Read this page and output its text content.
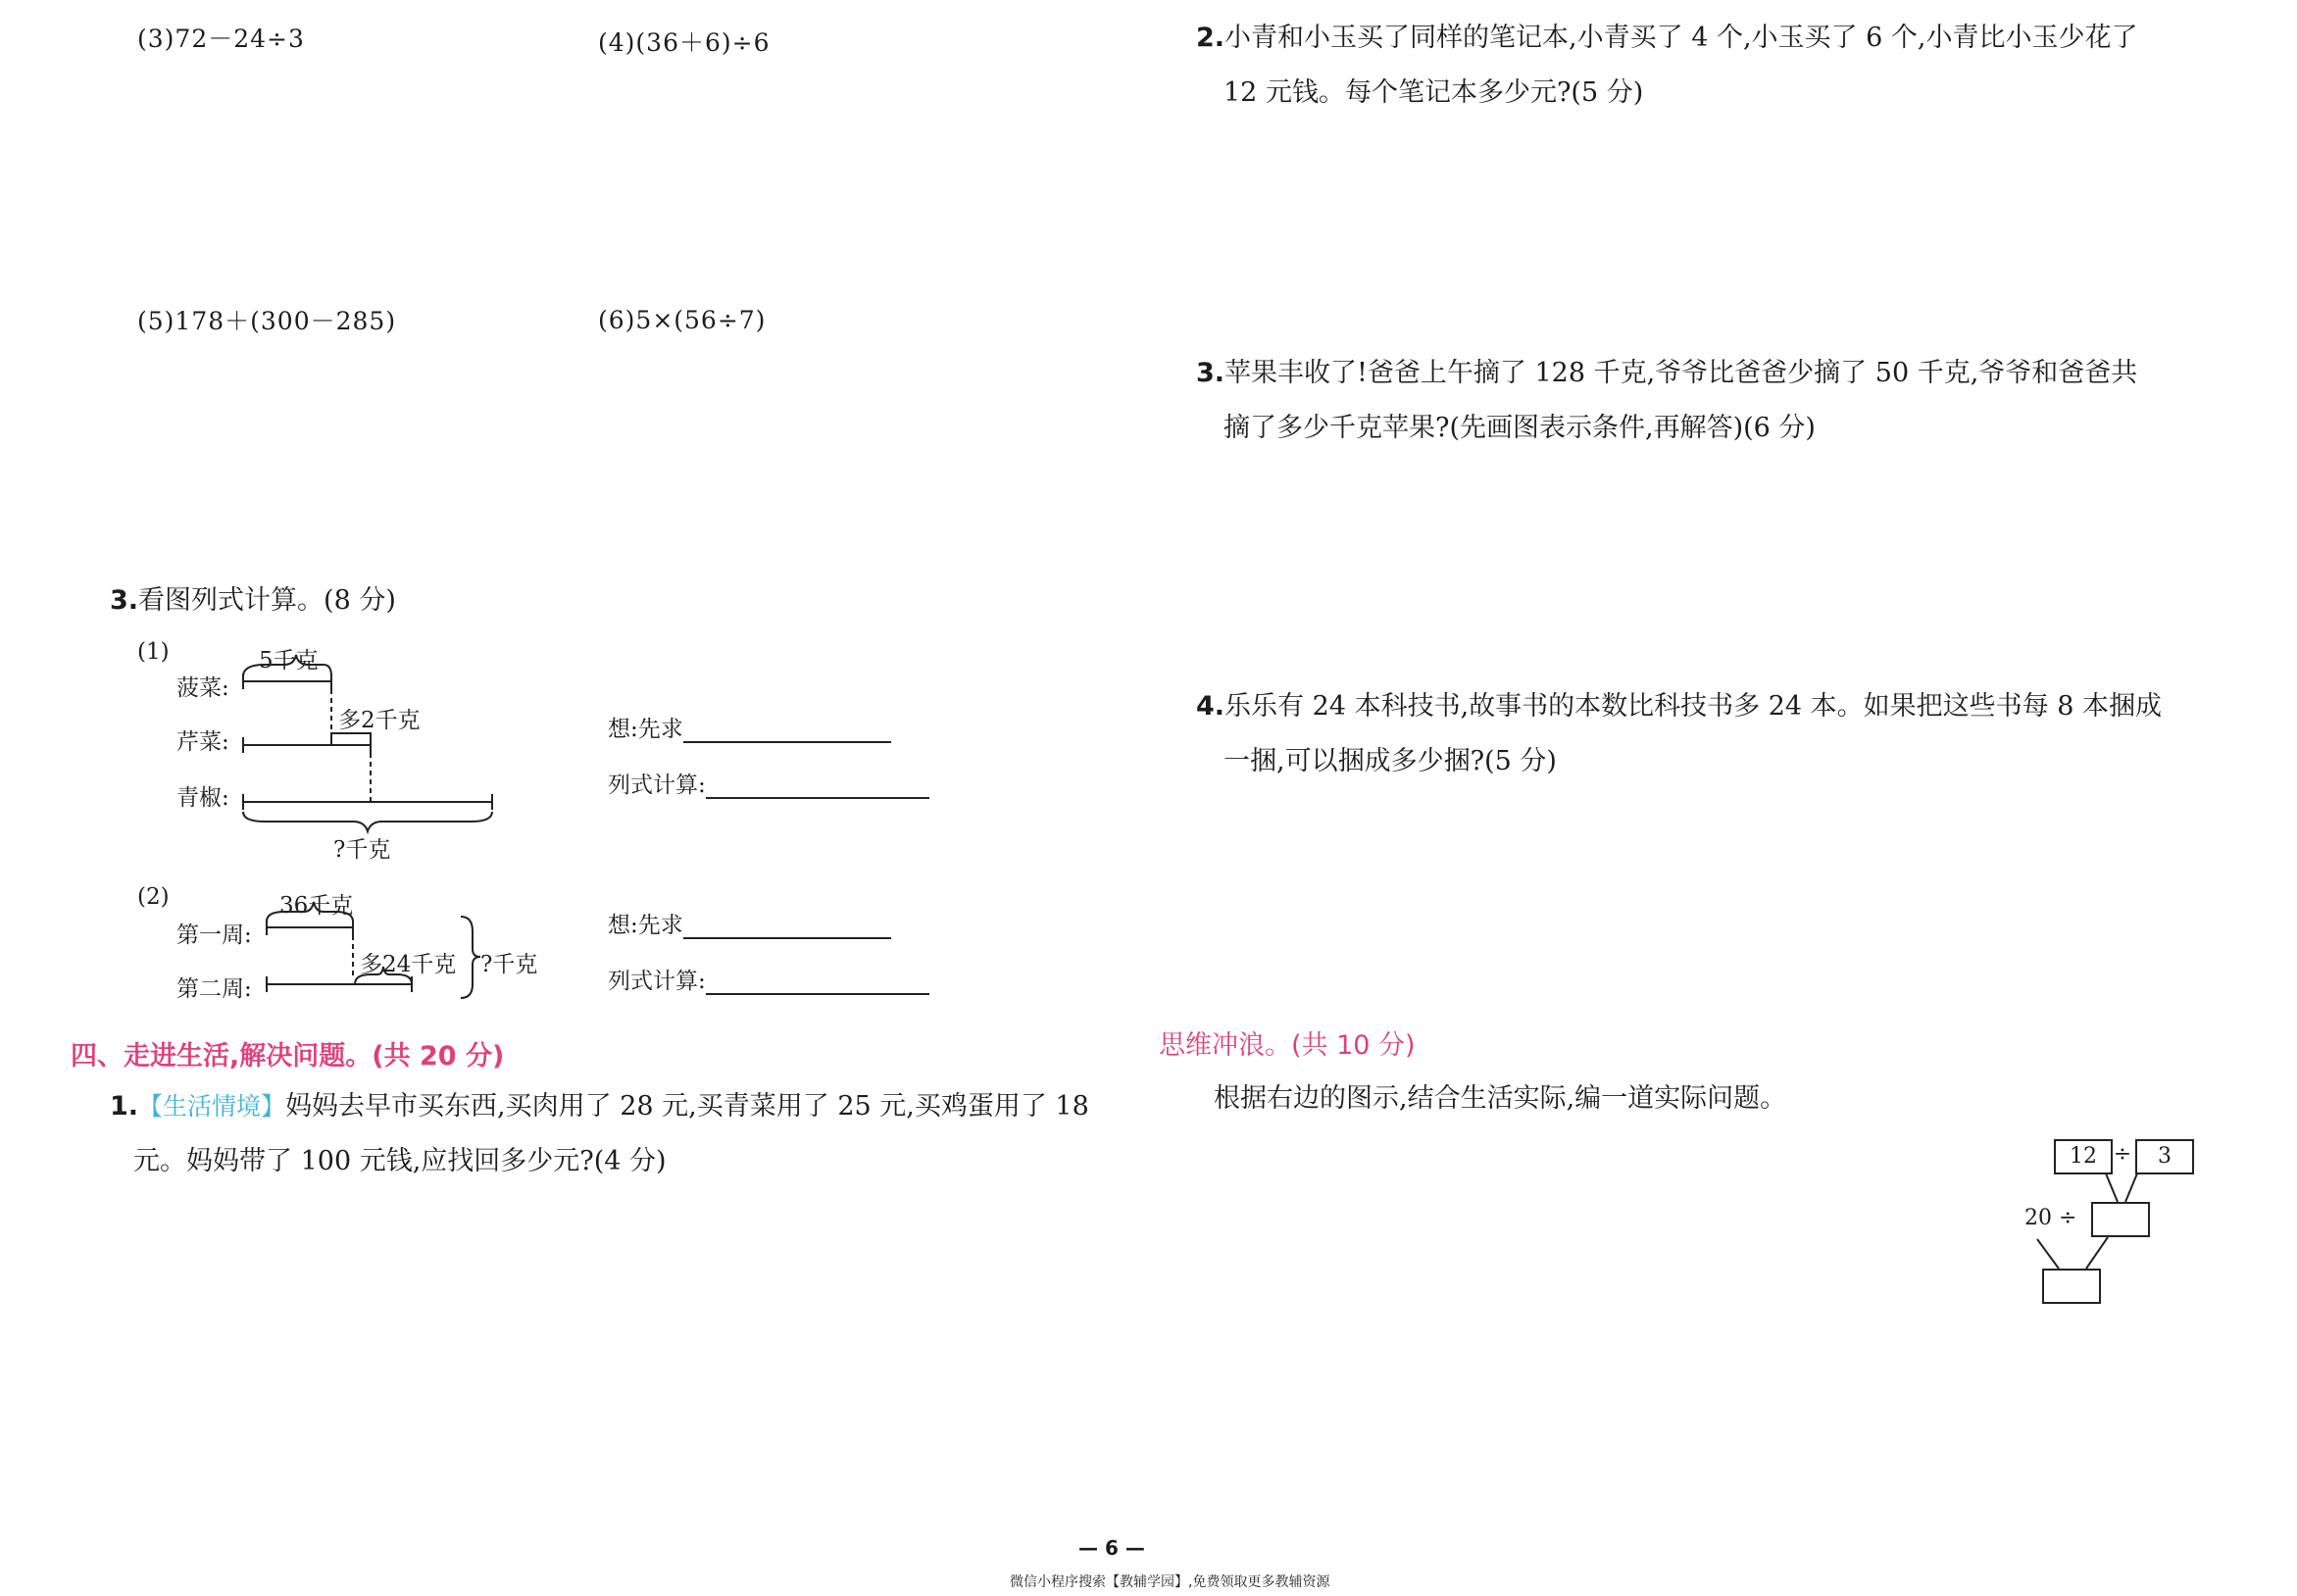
(3)72－24÷3	(4)(36＋6)÷6
(5)178＋(300－285)	(6)5×(56÷7)
3.看图列式计算。(8 分)
(1)	5千克
菠菜:
芹菜:
青椒:
多2千克
?千克
想:先求
列式计算:
(2)	36千克
第一周:
第二周:
多24千克 ?千克
想:先求
列式计算:
四、走进生活,解决问题。(共 20 分)
1.【生活情境】妈妈去早市买东西,买肉用了 28 元,买青菜用了 25 元,买鸡蛋用了 18
元。妈妈带了 100 元钱,应找回多少元?(4 分)
2.小青和小玉买了同样的笔记本,小青买了 4 个,小玉买了 6 个,小青比小玉少花了
12 元钱。每个笔记本多少元?(5 分)
3.苹果丰收了!爸爸上午摘了 128 千克,爷爷比爸爸少摘了 50 千克,爷爷和爸爸共
摘了多少千克苹果?(先画图表示条件,再解答)(6 分)
4.乐乐有 24 本科技书,故事书的本数比科技书多 24 本。如果把这些书每 8 本捆成
一捆,可以捆成多少捆?(5 分)
思维冲浪。(共 10 分)
根据右边的图示,结合生活实际,编一道实际问题。
12 ÷	3
20 ÷
— 6 —
微信小程序搜索【教辅学园】,免费领取更多教辅资源
